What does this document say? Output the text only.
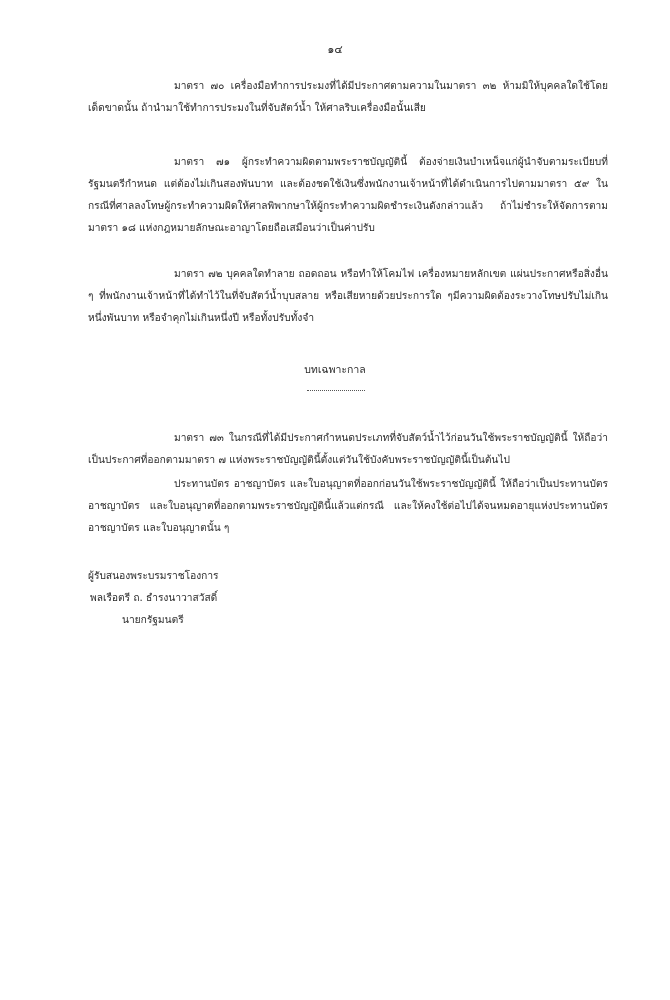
๑๔

มาตรา ๗๐ เครื่องมือทำการประมงที่ได้มีประกาศตามความในมาตรา ๓๒ ห้ามมิให้บุคคลใดใช้โดยเด็ดขาดนั้น ถ้านำมาใช้ทำการประมงในที่จับสัตว์น้ำ ให้ศาลริบเครื่องมือนั้นเสีย

มาตรา ๗๑ ผู้กระทำความผิดตามพระราชบัญญัตินี้ ต้องจ่ายเงินบำเหน็จแก่ผู้นำจับตามระเบียบที่รัฐมนตรีกำหนด แต่ต้องไม่เกินสองพันบาท และต้องชดใช้เงินซึ่งพนักงานเจ้าหน้าที่ได้ดำเนินการไปตามมาตรา ๕๙ ในกรณีที่ศาลลงโทษผู้กระทำความผิดให้ศาลพิพากษาให้ผู้กระทำความผิดชำระเงินดังกล่าวแล้ว ถ้าไม่ชำระให้จัดการตามมาตรา ๑๘ แห่งกฎหมายลักษณะอาญาโดยถือเสมือนว่าเป็นค่าปรับ

มาตรา ๗๒ บุคคลใดทำลาย ถอดถอน หรือทำให้โคมไฟ เครื่องหมายหลักเขต แผ่นประกาศหรือสิ่งอื่น ๆ ที่พนักงานเจ้าหน้าที่ได้ทำไว้ในที่จับสัตว์น้ำบุบสลาย หรือเสียหายด้วยประการใด ๆมีความผิดต้องระวางโทษปรับไม่เกินหนึ่งพันบาท หรือจำคุกไม่เกินหนึ่งปี หรือทั้งปรับทั้งจำ

บทเฉพาะกาล

มาตรา ๗๓ ในกรณีที่ได้มีประกาศกำหนดประเภทที่จับสัตว์น้ำไว้ก่อนวันใช้พระราชบัญญัตินี้ ให้ถือว่าเป็นประกาศที่ออกตามมาตรา ๗ แห่งพระราชบัญญัตินี้ตั้งแต่วันใช้บังคับพระราชบัญญัตินี้เป็นต้นไป

ประทานบัตร อาชญาบัตร และใบอนุญาตที่ออกก่อนวันใช้พระราชบัญญัตินี้ ให้ถือว่าเป็นประทานบัตรอาชญาบัตร และใบอนุญาตที่ออกตามพระราชบัญญัตินี้แล้วแต่กรณี และให้คงใช้ต่อไปได้จนหมดอายุแห่งประทานบัตรอาชญาบัตร และใบอนุญาตนั้น ๆ

ผู้รับสนองพระบรมราชโองการ
พลเรือตรี ถ. ธำรงนาวาสวัสดิ์
นายกรัฐมนตรี
